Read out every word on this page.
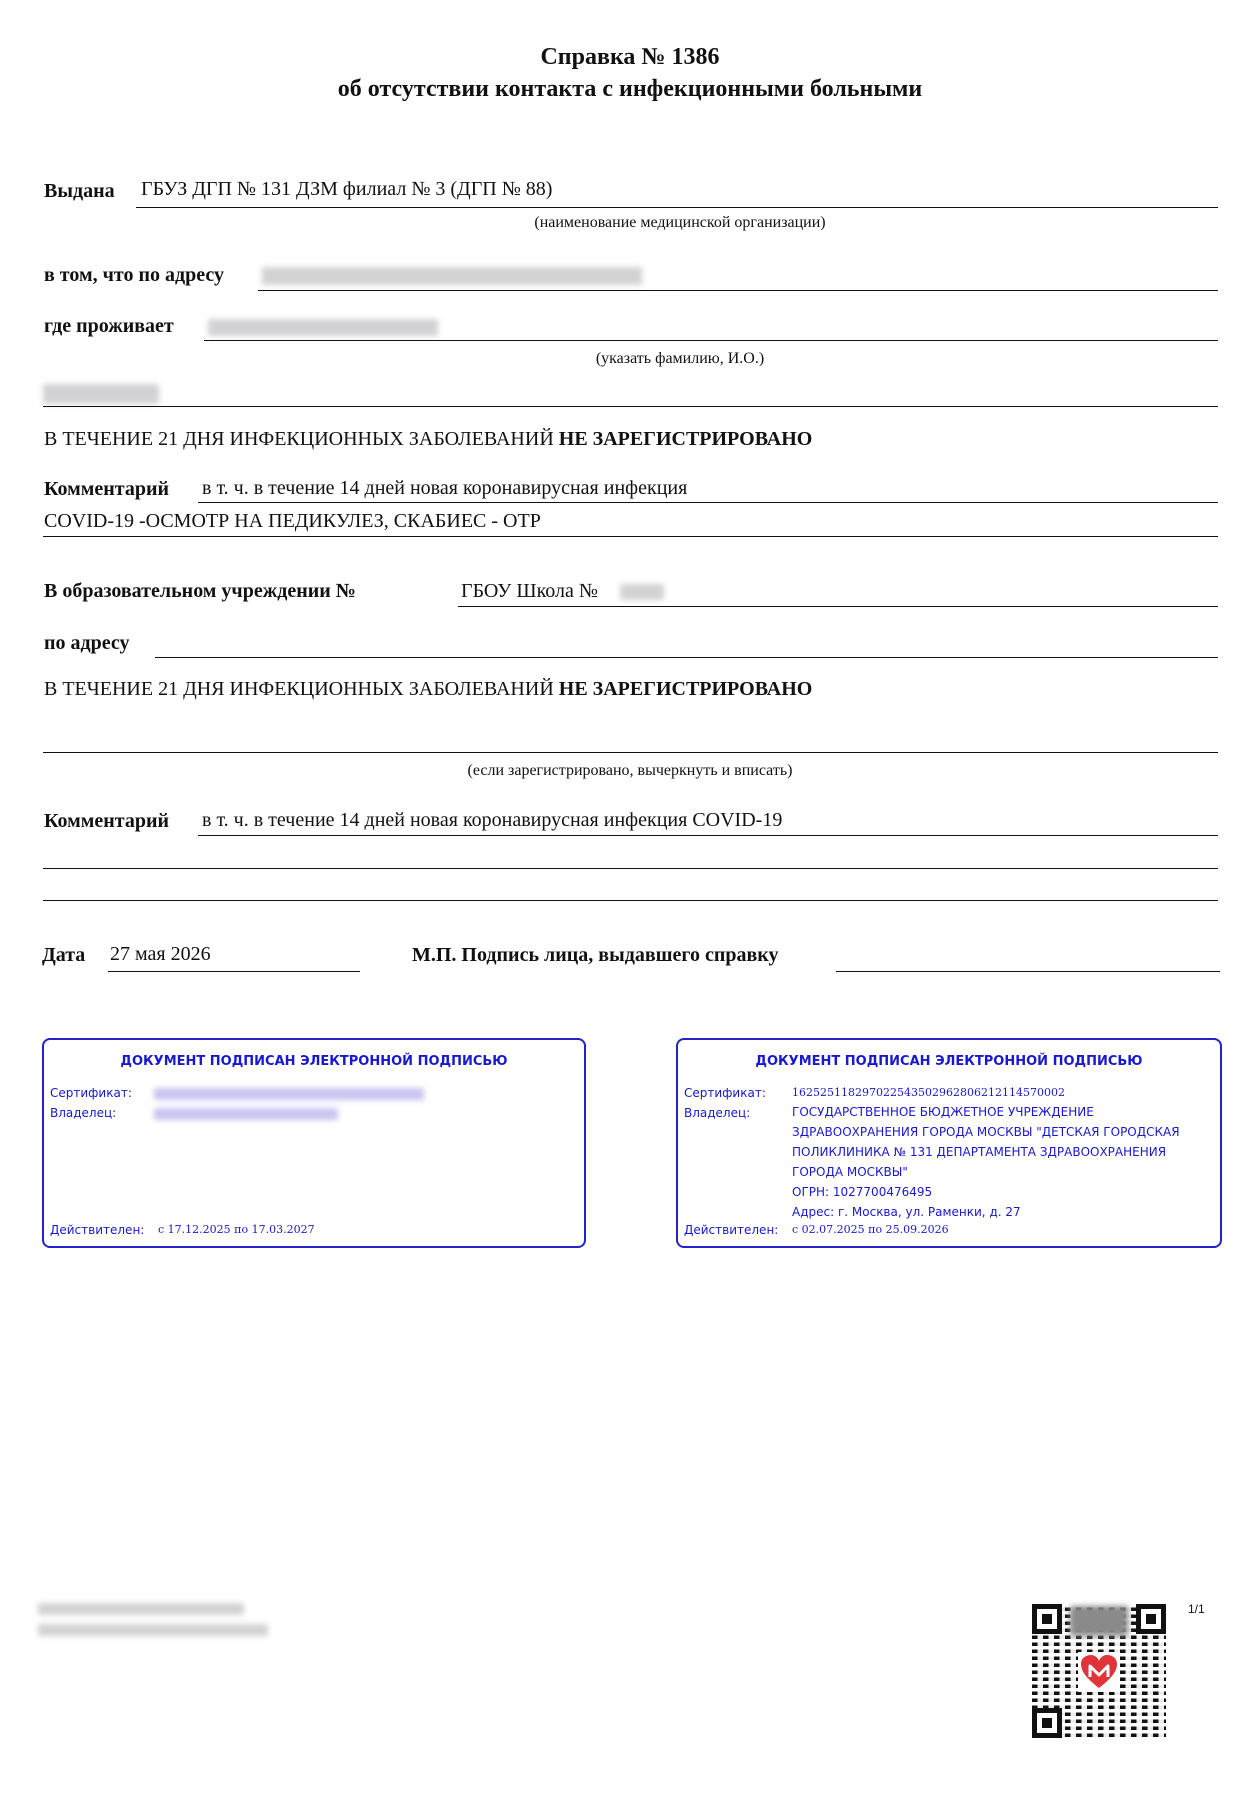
Справка № 1386
об отсутствии контакта с инфекционными больными
Выдана ГБУЗ ДГП № 131 ДЗМ филиал № 3 (ДГП № 88)
(наименование медицинской организации)
в том, что по адресу
где проживает
(указать фамилию, И.О.)
В ТЕЧЕНИЕ 21 ДНЯ ИНФЕКЦИОННЫХ ЗАБОЛЕВАНИЙ НЕ ЗАРЕГИСТРИРОВАНО
Комментарий в т. ч. в течение 14 дней новая коронавирусная инфекция
COVID-19 -ОСМОТР НА ПЕДИКУЛЕЗ, СКАБИЕС - ОТР
В образовательном учреждении №	ГБОУ Школа №
по адресу
В ТЕЧЕНИЕ 21 ДНЯ ИНФЕКЦИОННЫХ ЗАБОЛЕВАНИЙ НЕ ЗАРЕГИСТРИРОВАНО
(если зарегистрировано, вычеркнуть и вписать)
Комментарий в т. ч. в течение 14 дней новая коронавирусная инфекция COVID-19
Дата 27 мая 2026	М.П. Подпись лица, выдавшего справку
ДОКУМЕНТ ПОДПИСАН ЭЛЕКТРОННОЙ ПОДПИСЬЮ
Сертификат:
Владелец:
Действителен: с 17.12.2025 по 17.03.2027
ДОКУМЕНТ ПОДПИСАН ЭЛЕКТРОННОЙ ПОДПИСЬЮ
Сертификат: 162525118297022543502962806212114570002
Владелец:	ГОСУДАРСТВЕННОЕ БЮДЖЕТНОЕ УЧРЕЖДЕНИЕ
ЗДРАВООХРАНЕНИЯ ГОРОДА МОСКВЫ "ДЕТСКАЯ ГОРОДСКАЯ
ПОЛИКЛИНИКА № 131 ДЕПАРТАМЕНТА ЗДРАВООХРАНЕНИЯ
ГОРОДА МОСКВЫ"
ОГРН: 1027700476495
Адрес: г. Москва, ул. Раменки, д. 27
Действителен: с 02.07.2025 по 25.09.2026
1/1
